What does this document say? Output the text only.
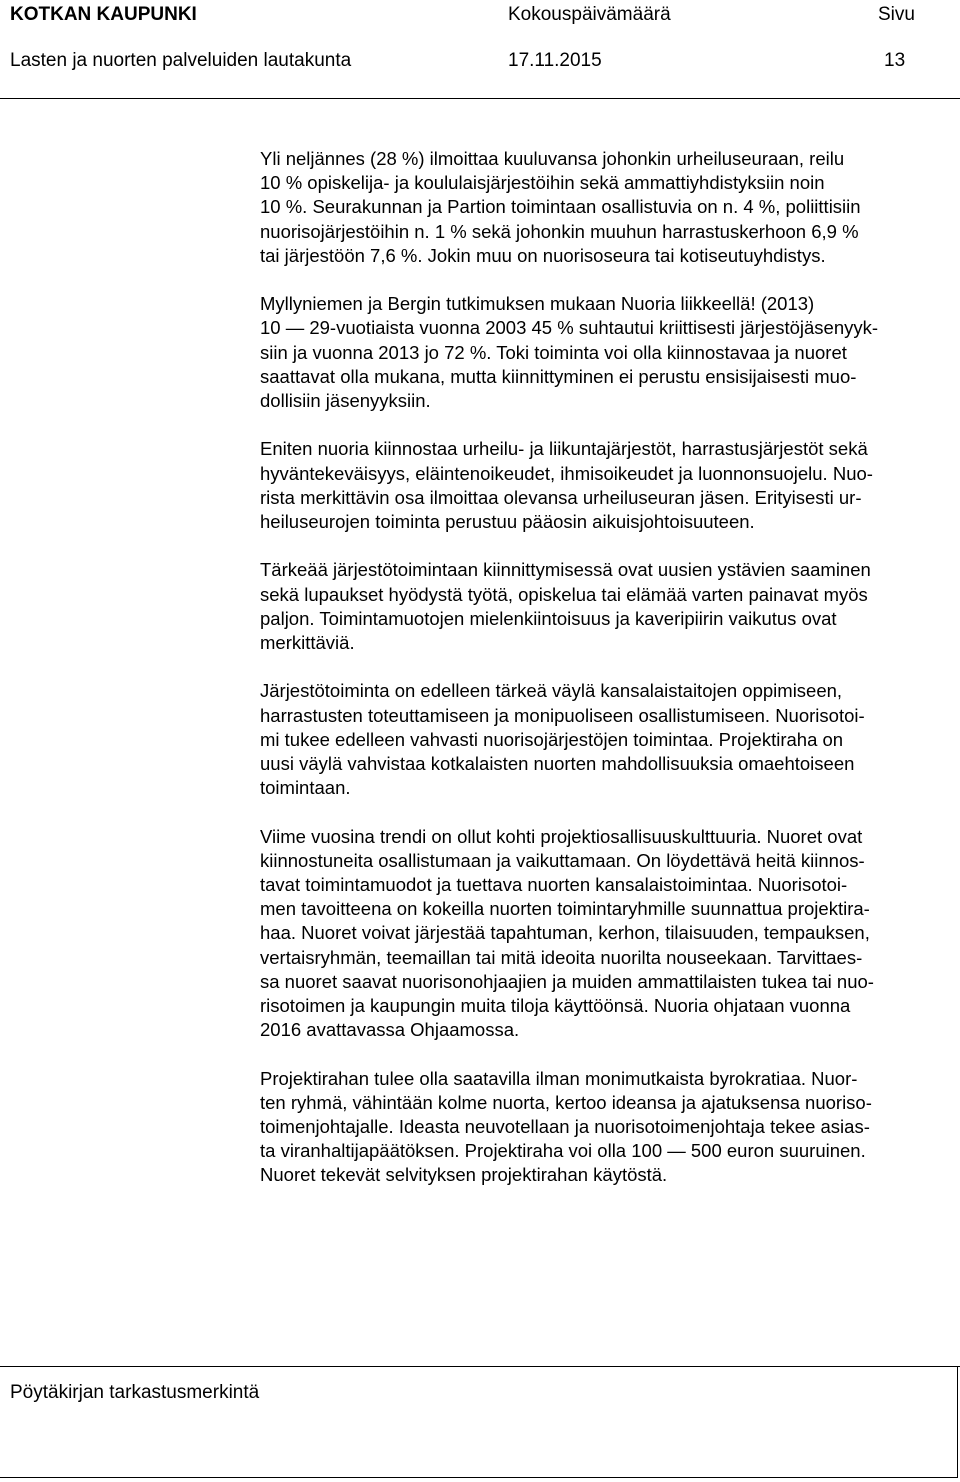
KOTKAN KAUPUNKI	Kokouspäivämäärä	Sivu
Lasten ja nuorten palveluiden lautakunta	17.11.2015	13
Yli neljännes (28 %) ilmoittaa kuuluvansa johonkin urheiluseuraan, reilu
10 % opiskelija- ja koululaisjärjestöihin sekä ammattiyhdistyksiin noin
10 %. Seurakunnan ja Partion toimintaan osallistuvia on n. 4 %, poliittisiin
nuorisojärjestöihin n. 1 % sekä johonkin muuhun harrastuskerhoon 6,9 %
tai järjestöön 7,6 %. Jokin muu on nuorisoseura tai kotiseutuyhdistys.
Myllyniemen ja Bergin tutkimuksen mukaan Nuoria liikkeellä! (2013)
10 — 29-vuotiaista vuonna 2003 45 % suhtautui kriittisesti järjestöjäsenyyk-
siin ja vuonna 2013 jo 72 %. Toki toiminta voi olla kiinnostavaa ja nuoret
saattavat olla mukana, mutta kiinnittyminen ei perustu ensisijaisesti muo-
dollisiin jäsenyyksiin.
Eniten nuoria kiinnostaa urheilu- ja liikuntajärjestöt, harrastusjärjestöt sekä
hyväntekeväisyys, eläintenoikeudet, ihmisoikeudet ja luonnonsuojelu. Nuo-
rista merkittävin osa ilmoittaa olevansa urheiluseuran jäsen. Erityisesti ur-
heiluseurojen toiminta perustuu pääosin aikuisjohtoisuuteen.
Tärkeää järjestötoimintaan kiinnittymisessä ovat uusien ystävien saaminen
sekä lupaukset hyödystä työtä, opiskelua tai elämää varten painavat myös
paljon. Toimintamuotojen mielenkiintoisuus ja kaveripiirin vaikutus ovat
merkittäviä.
Järjestötoiminta on edelleen tärkeä väylä kansalaistaitojen oppimiseen,
harrastusten toteuttamiseen ja monipuoliseen osallistumiseen. Nuorisotoi-
mi tukee edelleen vahvasti nuorisojärjestöjen toimintaa. Projektiraha on
uusi väylä vahvistaa kotkalaisten nuorten mahdollisuuksia omaehtoiseen
toimintaan.
Viime vuosina trendi on ollut kohti projektiosallisuuskulttuuria. Nuoret ovat
kiinnostuneita osallistumaan ja vaikuttamaan. On löydettävä heitä kiinnos-
tavat toimintamuodot ja tuettava nuorten kansalaistoimintaa. Nuorisotoi-
men tavoitteena on kokeilla nuorten toimintaryhmille suunnattua projektira-
haa. Nuoret voivat järjestää tapahtuman, kerhon, tilaisuuden, tempauksen,
vertaisryhmän, teemaillan tai mitä ideoita nuorilta nouseekaan. Tarvittaes-
sa nuoret saavat nuorisonohjaajien ja muiden ammattilaisten tukea tai nuo-
risotoimen ja kaupungin muita tiloja käyttöönsä. Nuoria ohjataan vuonna
2016 avattavassa Ohjaamossa.
Projektirahan tulee olla saatavilla ilman monimutkaista byrokratiaa. Nuor-
ten ryhmä, vähintään kolme nuorta, kertoo ideansa ja ajatuksensa nuoriso-
toimenjohtajalle. Ideasta neuvotellaan ja nuorisotoimenjohtaja tekee asias-
ta viranhaltijapäätöksen. Projektiraha voi olla 100 — 500 euron suuruinen.
Nuoret tekevät selvityksen projektirahan käytöstä.
Pöytäkirjan tarkastusmerkintä
